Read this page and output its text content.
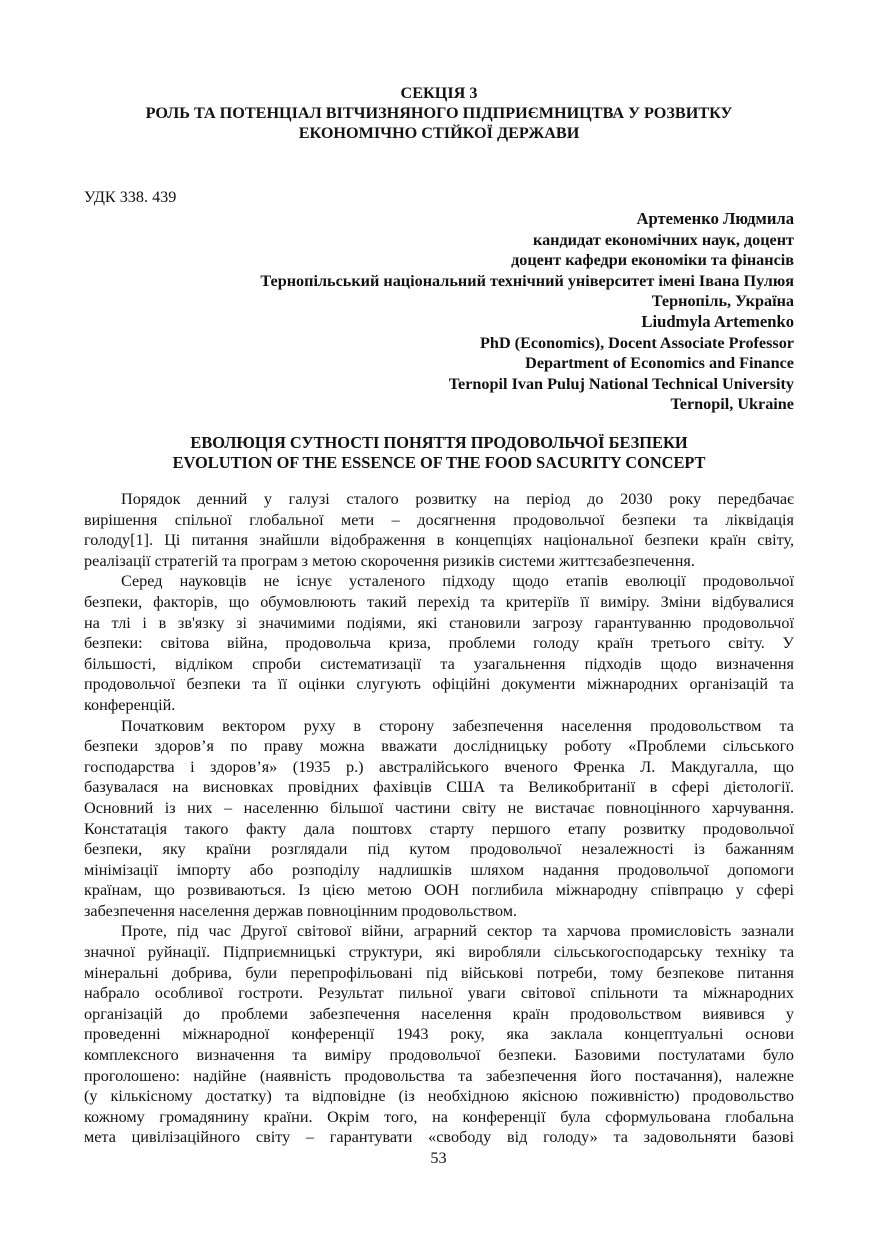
СЕКЦІЯ 3
РОЛЬ ТА ПОТЕНЦІАЛ ВІТЧИЗНЯНОГО ПІДПРИЄМНИЦТВА У РОЗВИТКУ
ЕКОНОМІЧНО СТІЙКОЇ ДЕРЖАВИ
УДК 338. 439
Артеменко Людмила
кандидат економічних наук, доцент
доцент кафедри економіки та фінансів
Тернопільський національний технічний університет імені Івана Пулюя
Тернопіль, Україна
Liudmyla Artemenko
PhD (Economics), Docent Associate Professor
Department of Economics and Finance
Ternopil Ivan Puluj National Technical University
Ternopil, Ukraine
ЕВОЛЮЦІЯ СУТНОСТІ ПОНЯТТЯ ПРОДОВОЛЬЧОЇ БЕЗПЕКИ
EVOLUTION OF THE ESSENCE OF THE FOOD SACURITY CONCEPT

Порядок денний у галузі сталого розвитку на період до 2030 року передбачає
вирішення спільної глобальної мети – досягнення продовольчої безпеки та ліквідація
голоду[1]. Ці питання знайшли відображення в концепціях національної безпеки країн світу,
реалізації стратегій та програм з метою скорочення ризиків системи життєзабезпечення.

Серед науковців не існує усталеного підходу щодо етапів еволюції продовольчої
безпеки, факторів, що обумовлюють такий перехід та критеріїв її виміру. Зміни відбувалися
на тлі і в зв'язку зі значимими подіями, які становили загрозу гарантуванню продовольчої
безпеки: світова війна, продовольча криза, проблеми голоду країн третього світу. У
більшості, відліком спроби систематизації та узагальнення підходів щодо визначення
продовольчої безпеки та її оцінки слугують офіційні документи міжнародних організацій та
конференцій.

Початковим вектором руху в сторону забезпечення населення продовольством та
безпеки здоров’я по праву можна вважати дослідницьку роботу «Проблеми сільського
господарства і здоров’я» (1935 р.) австралійського вченого Френка Л. Макдугалла, що
базувалася на висновках провідних фахівців США та Великобританії в сфері дієтології.
Основний із них – населенню більшої частини світу не вистачає повноцінного харчування.
Констатація такого факту дала поштовх старту першого етапу розвитку продовольчої
безпеки, яку країни розглядали під кутом продовольчої незалежності із бажанням
мінімізації імпорту або розподілу надлишків шляхом надання продовольчої допомоги
країнам, що розвиваються. Із цією метою ООН поглибила міжнародну співпрацю у сфері
забезпечення населення держав повноцінним продовольством.

Проте, під час Другої світової війни, аграрний сектор та харчова промисловість зазнали
значної руйнації. Підприємницькі структури, які виробляли сільськогосподарську техніку та
мінеральні добрива, були перепрофільовані під військові потреби, тому безпекове питання
набрало особливої гостроти. Результат пильної уваги світової спільноти та міжнародних
організацій до проблеми забезпечення населення країн продовольством виявився у
проведенні міжнародної конференції 1943 року, яка заклала концептуальні основи
комплексного визначення та виміру продовольчої безпеки. Базовими постулатами було
проголошено: надійне (наявність продовольства та забезпечення його постачання), належне
(у кількісному достатку) та відповідне (із необхідною якісною поживністю) продовольство
кожному громадянину країни. Окрім того, на конференції була сформульована глобальна
мета цивілізаційного світу – гарантувати «свободу від голоду» та задовольняти базові

53
